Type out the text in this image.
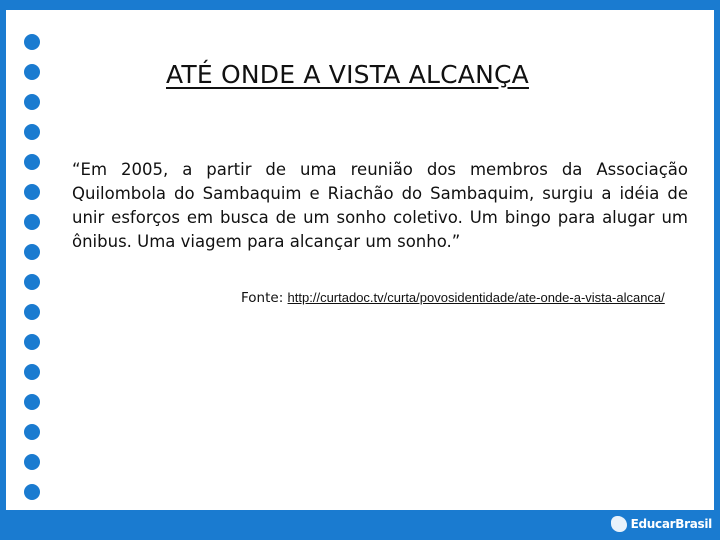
ATÉ ONDE A VISTA ALCANÇA
“Em 2005, a partir de uma reunião dos membros da Associação Quilombola do Sambaquim e Riachão do Sambaquim, surgiu a idéia de unir esforços em busca de um sonho coletivo. Um bingo para alugar um ônibus. Uma viagem para alcançar um sonho.”
Fonte: http://curtadoc.tv/curta/povosidentidade/ate-onde-a-vista-alcanca/
EducarBrasil
